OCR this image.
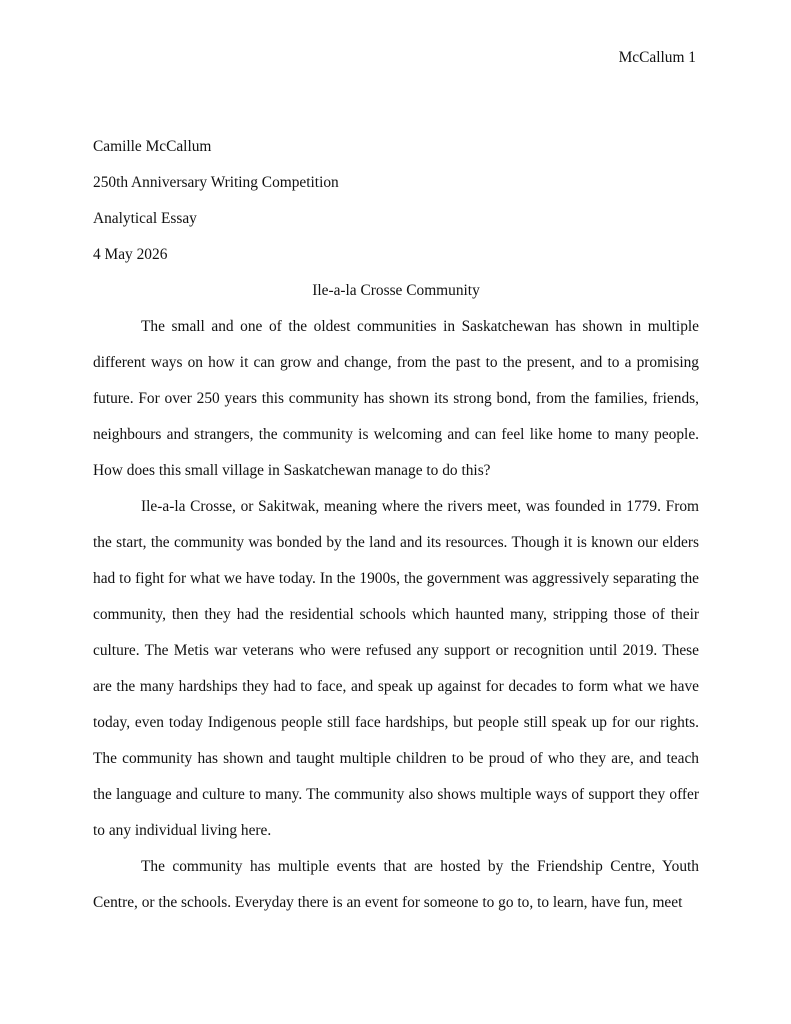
McCallum 1
Camille McCallum
250th Anniversary Writing Competition
Analytical Essay
4 May 2026
Ile-a-la Crosse Community

The small and one of the oldest communities in Saskatchewan has shown in multiple different ways on how it can grow and change, from the past to the present, and to a promising future. For over 250 years this community has shown its strong bond, from the families, friends, neighbours and strangers, the community is welcoming and can feel like home to many people. How does this small village in Saskatchewan manage to do this?

Ile-a-la Crosse, or Sakitwak, meaning where the rivers meet, was founded in 1779. From the start, the community was bonded by the land and its resources. Though it is known our elders had to fight for what we have today. In the 1900s, the government was aggressively separating the community, then they had the residential schools which haunted many, stripping those of their culture. The Metis war veterans who were refused any support or recognition until 2019. These are the many hardships they had to face, and speak up against for decades to form what we have today, even today Indigenous people still face hardships, but people still speak up for our rights. The community has shown and taught multiple children to be proud of who they are, and teach the language and culture to many. The community also shows multiple ways of support they offer to any individual living here.

The community has multiple events that are hosted by the Friendship Centre, Youth Centre, or the schools. Everyday there is an event for someone to go to, to learn, have fun, meet
